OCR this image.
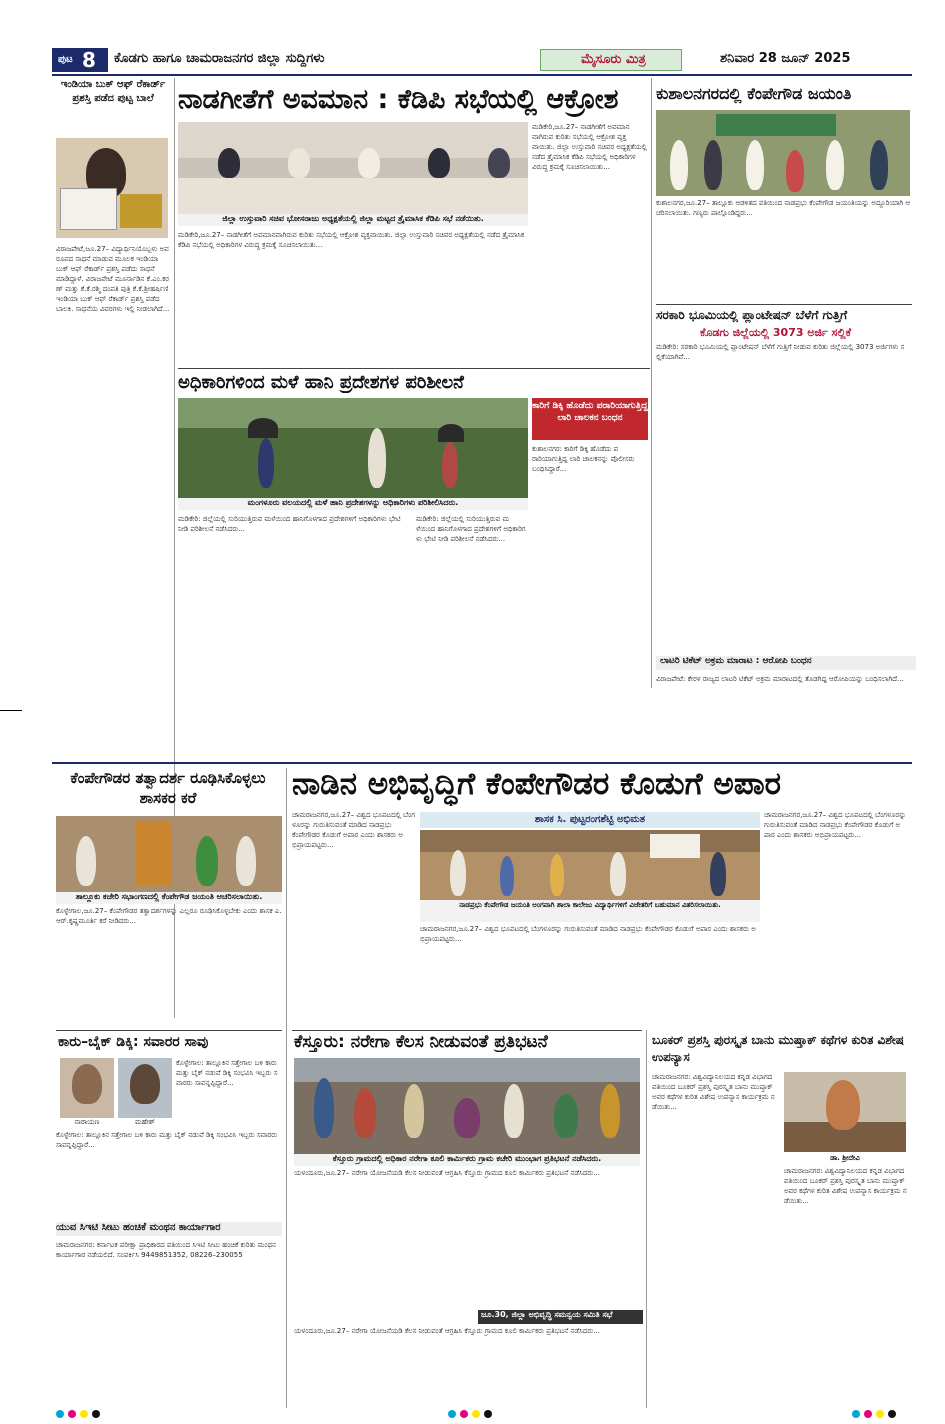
ಪುಟ 8 ಕೊಡಗು ಹಾಗೂ ಚಾಮರಾಜನಗರ ಜಿಲ್ಲಾ ಸುದ್ದಿಗಳು	ಮೈಸೂರು ಮಿತ್ರ	ಶನಿವಾರ 28 ಜೂನ್ 2025
ಇಂಡಿಯಾ ಬುಕ್ ಆಫ್ ರೆಕಾರ್ಡ್ ಪ್ರಶಸ್ತಿ ಪಡೆದ ಪುಟ್ಟ ಬಾಲೆ
ವಿರಾಜಪೇಟೆ,ಜೂ.27– ವಿದ್ಯಾರ್ಥಿನಿಯೊಬ್ಬಳು ಅಪರೂಪದ ಸಾಧನೆ ಮಾಡುವ ಮೂಲಕ ಇಂಡಿಯಾ ಬುಕ್ ಆಫ್ ರೆಕಾರ್ಡ್ ಪ್ರಶಸ್ತಿ ಪಡೆದು ಸಾಧನೆ ಮಾಡಿದ್ದಾಳೆ. ವಿರಾಜಪೇಟೆ ಮೂರ್ನಾಡಿನ ಕೆ.ಎಂ.ಕರಣ್ ಮತ್ತು ಕೆ.ಕೆ.ರಶ್ಮಿ ದಂಪತಿ ಪುತ್ರಿ ಕೆ.ಕೆ.ಶ್ರೀಹರ್ಷಿಣಿ ಇಂಡಿಯಾ ಬುಕ್ ಆಫ್ ರೆಕಾರ್ಡ್ ಪ್ರಶಸ್ತಿ ಪಡೆದ ಬಾಲಕಿ. ಸಾಧನೆಯ ವಿವರಗಳು ಇಲ್ಲಿ ನೀಡಲಾಗಿದೆ...
ನಾಡಗೀತೆಗೆ ಅವಮಾನ : ಕೆಡಿಪಿ ಸಭೆಯಲ್ಲಿ ಆಕ್ರೋಶ
ಜಿಲ್ಲಾ ಉಸ್ತುವಾರಿ ಸಚಿವ ಭೋಸರಾಜು ಅಧ್ಯಕ್ಷತೆಯಲ್ಲಿ ಜಿಲ್ಲಾ ಮಟ್ಟದ ತ್ರೈಮಾಸಿಕ ಕೆಡಿಪಿ ಸಭೆ ನಡೆಯಿತು.
ಮಡಿಕೇರಿ,ಜೂ.27– ನಾಡಗೀತೆಗೆ ಅವಮಾನವಾಗಿರುವ ಕುರಿತು ಸಭೆಯಲ್ಲಿ ಆಕ್ರೋಶ ವ್ಯಕ್ತವಾಯಿತು. ಜಿಲ್ಲಾ ಉಸ್ತುವಾರಿ ಸಚಿವರ ಅಧ್ಯಕ್ಷತೆಯಲ್ಲಿ ನಡೆದ ತ್ರೈಮಾಸಿಕ ಕೆಡಿಪಿ ಸಭೆಯಲ್ಲಿ ಅಧಿಕಾರಿಗಳ ವಿರುದ್ಧ ಕ್ರಮಕ್ಕೆ ಸೂಚಿಸಲಾಯಿತು...
ಮಡಿಕೇರಿ,ಜೂ.27– ನಾಡಗೀತೆಗೆ ಅವಮಾನವಾಗಿರುವ ಕುರಿತು ಸಭೆಯಲ್ಲಿ ಆಕ್ರೋಶ ವ್ಯಕ್ತವಾಯಿತು. ಜಿಲ್ಲಾ ಉಸ್ತುವಾರಿ ಸಚಿವರ ಅಧ್ಯಕ್ಷತೆಯಲ್ಲಿ ನಡೆದ ತ್ರೈಮಾಸಿಕ ಕೆಡಿಪಿ ಸಭೆಯಲ್ಲಿ ಅಧಿಕಾರಿಗಳ ವಿರುದ್ಧ ಕ್ರಮಕ್ಕೆ ಸೂಚಿಸಲಾಯಿತು...
ಕುಶಾಲನಗರದಲ್ಲಿ ಕೆಂಪೇಗೌಡ ಜಯಂತಿ
ಕುಶಾಲನಗರ,ಜೂ.27– ತಾಲ್ಲೂಕು ಆಡಳಿತದ ವತಿಯಿಂದ ನಾಡಪ್ರಭು ಕೆಂಪೇಗೌಡ ಜಯಂತಿಯನ್ನು ಅದ್ದೂರಿಯಾಗಿ ಆಚರಿಸಲಾಯಿತು. ಗಣ್ಯರು ಪಾಲ್ಗೊಂಡಿದ್ದರು...
ಸರಕಾರಿ ಭೂಮಿಯಲ್ಲಿ ಪ್ಲಾಂಟೇಷನ್ ಬೆಳೆಗೆ ಗುತ್ತಿಗೆ
ಕೊಡಗು ಜಿಲ್ಲೆಯಲ್ಲಿ 3073 ಅರ್ಜಿ ಸಲ್ಲಿಕೆ
ಮಡಿಕೇರಿ: ಸರಕಾರಿ ಭೂಮಿಯಲ್ಲಿ ಪ್ಲಾಂಟೇಷನ್ ಬೆಳೆಗೆ ಗುತ್ತಿಗೆ ನೀಡುವ ಕುರಿತು ಜಿಲ್ಲೆಯಲ್ಲಿ 3073 ಅರ್ಜಿಗಳು ಸಲ್ಲಿಕೆಯಾಗಿವೆ...
ಅಧಿಕಾರಿಗಳಿಂದ ಮಳೆ ಹಾನಿ ಪ್ರದೇಶಗಳ ಪರಿಶೀಲನೆ
ಮಂಗಳೂರು ವಲಯದಲ್ಲಿ ಮಳೆ ಹಾನಿ ಪ್ರದೇಶಗಳನ್ನು ಅಧಿಕಾರಿಗಳು ಪರಿಶೀಲಿಸಿದರು.
ಮಡಿಕೇರಿ: ಜಿಲ್ಲೆಯಲ್ಲಿ ಸುರಿಯುತ್ತಿರುವ ಮಳೆಯಿಂದ ಹಾನಿಗೊಳಗಾದ ಪ್ರದೇಶಗಳಿಗೆ ಅಧಿಕಾರಿಗಳು ಭೇಟಿ ನೀಡಿ ಪರಿಶೀಲನೆ ನಡೆಸಿದರು...
ಮಡಿಕೇರಿ: ಜಿಲ್ಲೆಯಲ್ಲಿ ಸುರಿಯುತ್ತಿರುವ ಮಳೆಯಿಂದ ಹಾನಿಗೊಳಗಾದ ಪ್ರದೇಶಗಳಿಗೆ ಅಧಿಕಾರಿಗಳು ಭೇಟಿ ನೀಡಿ ಪರಿಶೀಲನೆ ನಡೆಸಿದರು...
ಕಾರಿಗೆ ಡಿಕ್ಕಿ ಹೊಡೆದು ಪರಾರಿಯಾಗುತ್ತಿದ್ದ ಲಾರಿ ಚಾಲಕನ ಬಂಧನ
ಕುಶಾಲನಗರ: ಕಾರಿಗೆ ಡಿಕ್ಕಿ ಹೊಡೆದು ಪರಾರಿಯಾಗುತ್ತಿದ್ದ ಲಾರಿ ಚಾಲಕನನ್ನು ಪೊಲೀಸರು ಬಂಧಿಸಿದ್ದಾರೆ...
ಲಾಟರಿ ಟಿಕೆಟ್ ಅಕ್ರಮ ಮಾರಾಟ : ಆರೋಪಿ ಬಂಧನ
ವಿರಾಜಪೇಟೆ: ಕೇರಳ ರಾಜ್ಯದ ಲಾಟರಿ ಟಿಕೆಟ್ ಅಕ್ರಮ ಮಾರಾಟದಲ್ಲಿ ತೊಡಗಿದ್ದ ಆರೋಪಿಯನ್ನು ಬಂಧಿಸಲಾಗಿದೆ...
ಕೆಂಪೇಗೌಡರ ತತ್ವಾದರ್ಶ ರೂಢಿಸಿಕೊಳ್ಳಲು ಶಾಸಕರ ಕರೆ
ತಾಲ್ಲೂಕು ಕಚೇರಿ ಸಭಾಂಗಣದಲ್ಲಿ ಕೆಂಪೇಗೌಡ ಜಯಂತಿ ಆಚರಿಸಲಾಯಿತು.
ಕೊಳ್ಳೇಗಾಲ,ಜೂ.27– ಕೆಂಪೇಗೌಡರ ತತ್ವಾದರ್ಶಗಳನ್ನು ಎಲ್ಲರೂ ರೂಢಿಸಿಕೊಳ್ಳಬೇಕು ಎಂದು ಶಾಸಕ ಎ.ಆರ್.ಕೃಷ್ಣಮೂರ್ತಿ ಕರೆ ನೀಡಿದರು...
ನಾಡಿನ ಅಭಿವೃದ್ಧಿಗೆ ಕೆಂಪೇಗೌಡರ ಕೊಡುಗೆ ಅಪಾರ
ಚಾಮರಾಜನಗರ,ಜೂ.27– ವಿಶ್ವದ ಭೂಪಟದಲ್ಲಿ ಬೆಂಗಳೂರನ್ನು ಗುರುತಿಸುವಂತೆ ಮಾಡಿದ ನಾಡಪ್ರಭು ಕೆಂಪೇಗೌಡರ ಕೊಡುಗೆ ಅಪಾರ ಎಂದು ಶಾಸಕರು ಅಭಿಪ್ರಾಯಪಟ್ಟರು...
ಶಾಸಕ ಸಿ. ಪುಟ್ಟರಂಗಶೆಟ್ಟಿ ಅಭಿಮತ
ನಾಡಪ್ರಭು ಕೆಂಪೇಗೌಡ ಜಯಂತಿ ಅಂಗವಾಗಿ ಶಾಲಾ ಕಾಲೇಜು ವಿದ್ಯಾರ್ಥಿಗಳಿಗೆ ವಿಜೇತರಿಗೆ ಬಹುಮಾನ ವಿತರಿಸಲಾಯಿತು.
ಚಾಮರಾಜನಗರ,ಜೂ.27– ವಿಶ್ವದ ಭೂಪಟದಲ್ಲಿ ಬೆಂಗಳೂರನ್ನು ಗುರುತಿಸುವಂತೆ ಮಾಡಿದ ನಾಡಪ್ರಭು ಕೆಂಪೇಗೌಡರ ಕೊಡುಗೆ ಅಪಾರ ಎಂದು ಶಾಸಕರು ಅಭಿಪ್ರಾಯಪಟ್ಟರು...
ಚಾಮರಾಜನಗರ,ಜೂ.27– ವಿಶ್ವದ ಭೂಪಟದಲ್ಲಿ ಬೆಂಗಳೂರನ್ನು ಗುರುತಿಸುವಂತೆ ಮಾಡಿದ ನಾಡಪ್ರಭು ಕೆಂಪೇಗೌಡರ ಕೊಡುಗೆ ಅಪಾರ ಎಂದು ಶಾಸಕರು ಅಭಿಪ್ರಾಯಪಟ್ಟರು...
ಕಾರು–ಬೈಕ್ ಡಿಕ್ಕಿ: ಸವಾರರ ಸಾವು
ನಾರಾಯಣ	ಮಹೇಶ್
ಕೊಳ್ಳೇಗಾಲ: ತಾಲ್ಲೂಕಿನ ಸತ್ತೇಗಾಲ ಬಳಿ ಕಾರು ಮತ್ತು ಬೈಕ್ ನಡುವೆ ಡಿಕ್ಕಿ ಸಂಭವಿಸಿ ಇಬ್ಬರು ಸವಾರರು ಸಾವನ್ನಪ್ಪಿದ್ದಾರೆ...
ಕೊಳ್ಳೇಗಾಲ: ತಾಲ್ಲೂಕಿನ ಸತ್ತೇಗಾಲ ಬಳಿ ಕಾರು ಮತ್ತು ಬೈಕ್ ನಡುವೆ ಡಿಕ್ಕಿ ಸಂಭವಿಸಿ ಇಬ್ಬರು ಸವಾರರು ಸಾವನ್ನಪ್ಪಿದ್ದಾರೆ...
ಯುವ ಸಿಇಟಿ ಸೀಟು ಹಂಚಿಕೆ ಮಂಥನ ಕಾರ್ಯಾಗಾರ
ಚಾಮರಾಜನಗರ: ಕರ್ನಾಟಕ ಪರೀಕ್ಷಾ ಪ್ರಾಧಿಕಾರದ ವತಿಯಿಂದ ಸಿಇಟಿ ಸೀಟು ಹಂಚಿಕೆ ಕುರಿತು ಮಂಥನ ಕಾರ್ಯಾಗಾರ ನಡೆಯಲಿದೆ. ಸಂಪರ್ಕಿಸಿ 9449851352, 08226–230055
ಕೆಸ್ತೂರು: ನರೇಗಾ ಕೆಲಸ ನೀಡುವಂತೆ ಪ್ರತಿಭಟನೆ
ಕೆಸ್ತೂರು ಗ್ರಾಮದಲ್ಲಿ ಅಧಿಕಾರ ನರೇಗಾ ಕೂಲಿ ಕಾರ್ಮಿಕರು ಗ್ರಾಮ ಕಚೇರಿ ಮುಂಭಾಗ ಪ್ರತಿಭಟನೆ ನಡೆಸಿದರು.
ಯಳಂದೂರು,ಜೂ.27– ನರೇಗಾ ಯೋಜನೆಯಡಿ ಕೆಲಸ ನೀಡುವಂತೆ ಆಗ್ರಹಿಸಿ ಕೆಸ್ತೂರು ಗ್ರಾಮದ ಕೂಲಿ ಕಾರ್ಮಿಕರು ಪ್ರತಿಭಟನೆ ನಡೆಸಿದರು...
ಜೂ.30, ಜಿಲ್ಲಾ ಅಭಿವೃದ್ಧಿ ಸಮನ್ವಯ ಸಮಿತಿ ಸಭೆ
ಯಳಂದೂರು,ಜೂ.27– ನರೇಗಾ ಯೋಜನೆಯಡಿ ಕೆಲಸ ನೀಡುವಂತೆ ಆಗ್ರಹಿಸಿ ಕೆಸ್ತೂರು ಗ್ರಾಮದ ಕೂಲಿ ಕಾರ್ಮಿಕರು ಪ್ರತಿಭಟನೆ ನಡೆಸಿದರು...
ಬೂಕರ್ ಪ್ರಶಸ್ತಿ ಪುರಸ್ಕೃತ ಬಾನು ಮುಷ್ತಾಕ್ ಕಥೆಗಳ ಕುರಿತ ವಿಶೇಷ ಉಪನ್ಯಾಸ
ಚಾಮರಾಜನಗರ: ವಿಶ್ವವಿದ್ಯಾನಿಲಯದ ಕನ್ನಡ ವಿಭಾಗದ ವತಿಯಿಂದ ಬೂಕರ್ ಪ್ರಶಸ್ತಿ ಪುರಸ್ಕೃತ ಬಾನು ಮುಷ್ತಾಕ್ ಅವರ ಕಥೆಗಳ ಕುರಿತ ವಿಶೇಷ ಉಪನ್ಯಾಸ ಕಾರ್ಯಕ್ರಮ ನಡೆಯಿತು...
ಡಾ. ಶ್ರೀದೇವಿ
ಚಾಮರಾಜನಗರ: ವಿಶ್ವವಿದ್ಯಾನಿಲಯದ ಕನ್ನಡ ವಿಭಾಗದ ವತಿಯಿಂದ ಬೂಕರ್ ಪ್ರಶಸ್ತಿ ಪುರಸ್ಕೃತ ಬಾನು ಮುಷ್ತಾಕ್ ಅವರ ಕಥೆಗಳ ಕುರಿತ ವಿಶೇಷ ಉಪನ್ಯಾಸ ಕಾರ್ಯಕ್ರಮ ನಡೆಯಿತು...
